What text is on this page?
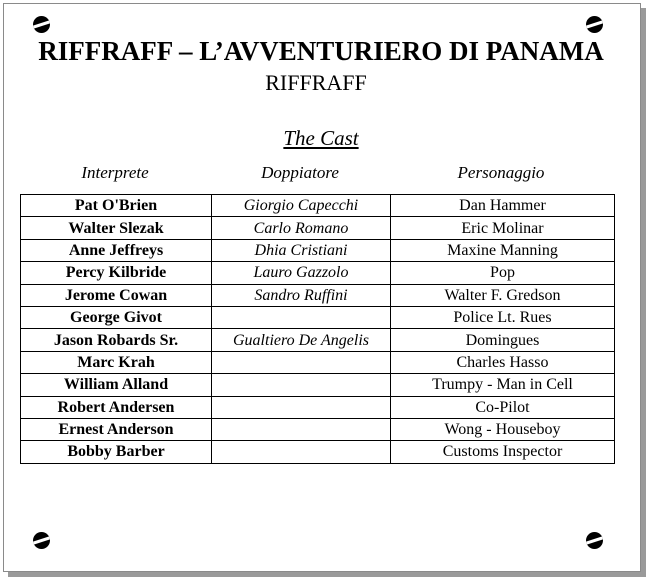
RIFFRAFF – L’AVVENTURIERO DI PANAMA
RIFFRAFF
The Cast
Interprete	Doppiatore	Personaggio
Pat O'Brien	Giorgio Capecchi	Dan Hammer
Walter Slezak	Carlo Romano	Eric Molinar
Anne Jeffreys	Dhia Cristiani	Maxine Manning
Percy Kilbride	Lauro Gazzolo	Pop
Jerome Cowan	Sandro Ruffini	Walter F. Gredson
George Givot		Police Lt. Rues
Jason Robards Sr.	Gualtiero De Angelis	Domingues
Marc Krah		Charles Hasso
William Alland		Trumpy - Man in Cell
Robert Andersen		Co-Pilot
Ernest Anderson		Wong - Houseboy
Bobby Barber		Customs Inspector
